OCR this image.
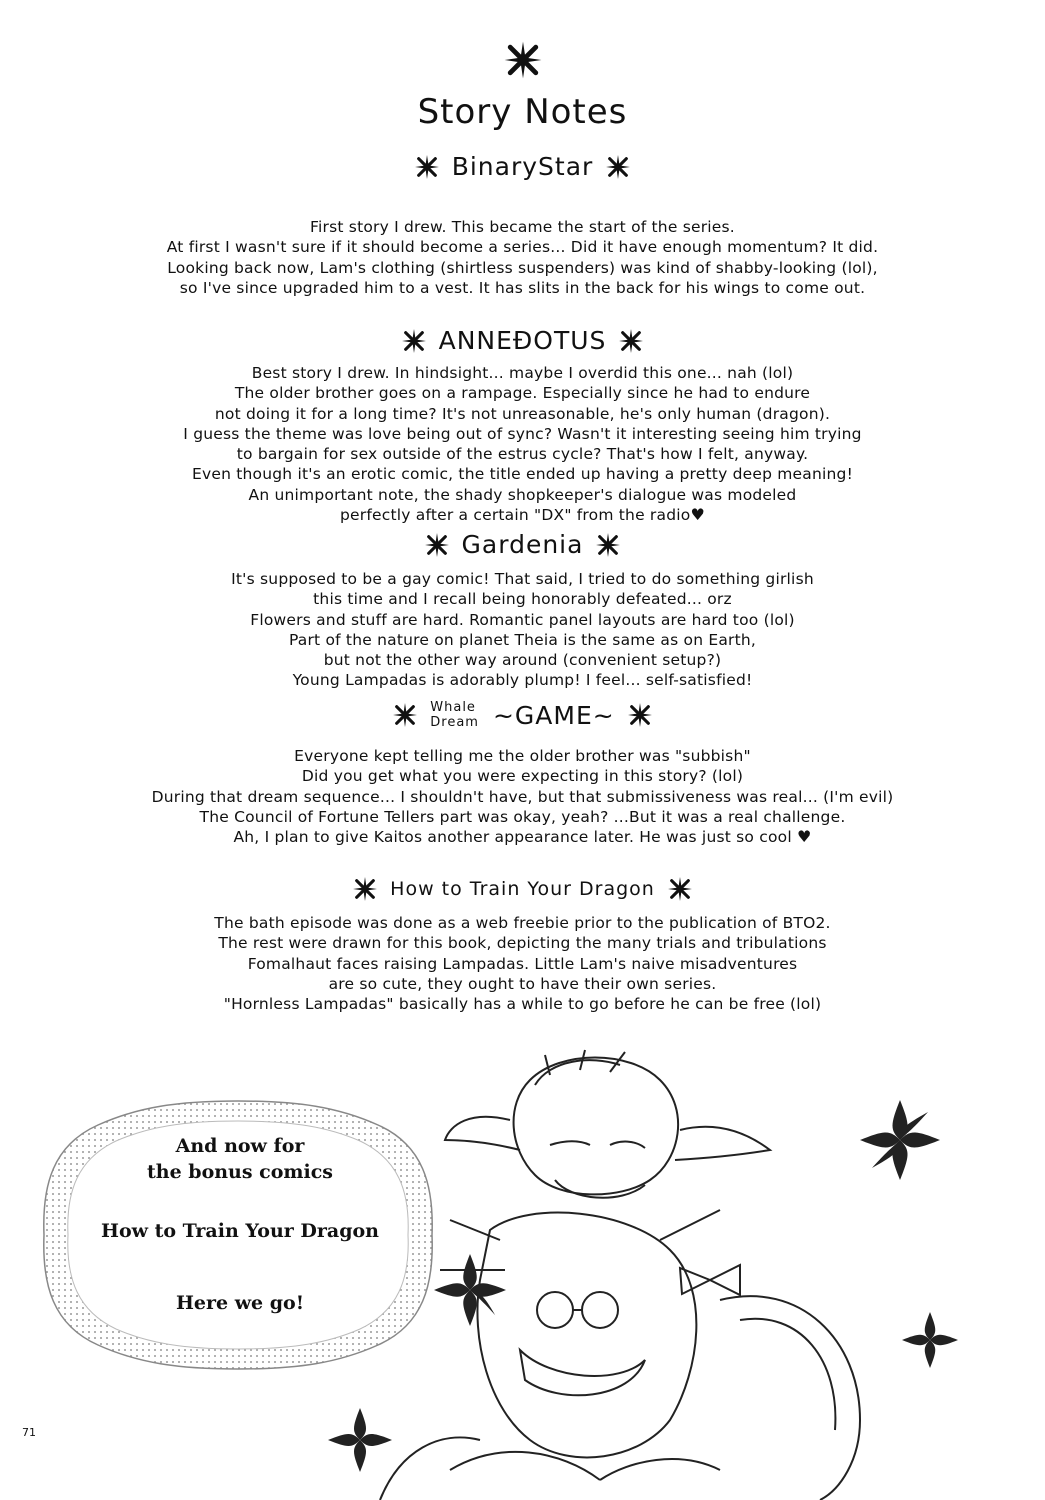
Story Notes
BinaryStar
First story I drew. This became the start of the series.
At first I wasn't sure if it should become a series... Did it have enough momentum? It did.
Looking back now, Lam's clothing (shirtless suspenders) was kind of shabby-looking (lol),
so I've since upgraded him to a vest. It has slits in the back for his wings to come out.
ANNEĐOTUS
Best story I drew. In hindsight... maybe I overdid this one... nah (lol)
The older brother goes on a rampage. Especially since he had to endure
not doing it for a long time? It's not unreasonable, he's only human (dragon).
I guess the theme was love being out of sync? Wasn't it interesting seeing him trying
to bargain for sex outside of the estrus cycle? That's how I felt, anyway.
Even though it's an erotic comic, the title ended up having a pretty deep meaning!
An unimportant note, the shady shopkeeper's dialogue was modeled
perfectly after a certain "DX" from the radio♥
Gardenia
It's supposed to be a gay comic! That said, I tried to do something girlish
this time and I recall being honorably defeated... orz
Flowers and stuff are hard. Romantic panel layouts are hard too (lol)
Part of the nature on planet Theia is the same as on Earth,
but not the other way around (convenient setup?)
Young Lampadas is adorably plump! I feel... self-satisfied!
Whale
Dream ~GAME~
Everyone kept telling me the older brother was "subbish"
Did you get what you were expecting in this story? (lol)
During that dream sequence... I shouldn't have, but that submissiveness was real... (I'm evil)
The Council of Fortune Tellers part was okay, yeah? ...But it was a real challenge.
Ah, I plan to give Kaitos another appearance later. He was just so cool ♥
How to Train Your Dragon
The bath episode was done as a web freebie prior to the publication of BTO2.
The rest were drawn for this book, depicting the many trials and tribulations
Fomalhaut faces raising Lampadas. Little Lam's naive misadventures
are so cute, they ought to have their own series.
"Hornless Lampadas" basically has a while to go before he can be free (lol)
And now for
the bonus comics
How to Train Your Dragon
Here we go!
71
